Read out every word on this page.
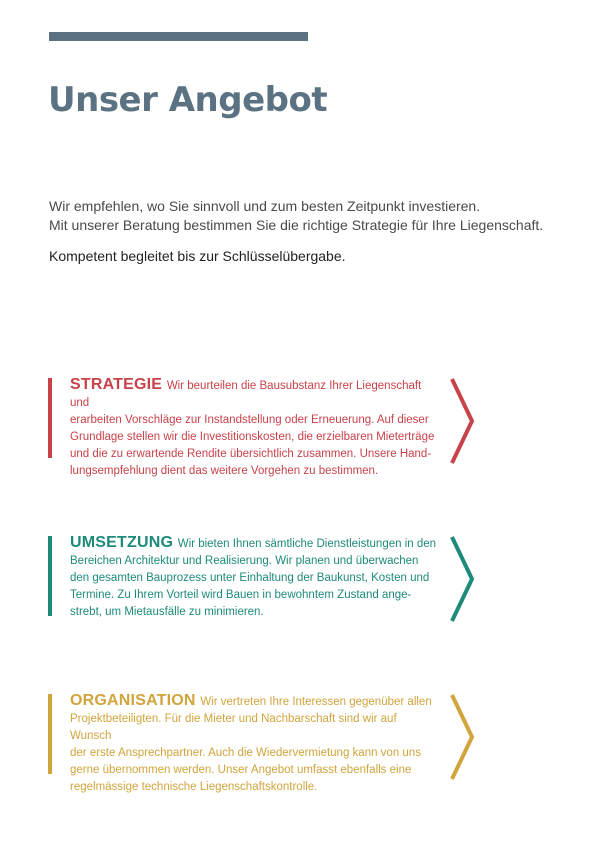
Unser Angebot

Wir empfehlen, wo Sie sinnvoll und zum besten Zeitpunkt investieren.

Mit unserer Beratung bestimmen Sie die richtige Strategie für Ihre Liegenschaft.

Kompetent begleitet bis zur Schlüsselübergabe.

STRATEGIE Wir beurteilen die Bausubstanz Ihrer Liegenschaft und
erarbeiten Vorschläge zur Instandstellung oder Erneuerung. Auf dieser
Grundlage stellen wir die Investitionskosten, die erzielbaren Mieterträge
und die zu erwartende Rendite übersichtlich zusammen. Unsere Hand-
lungsempfehlung dient das weitere Vorgehen zu bestimmen.
UMSETZUNG Wir bieten Ihnen sämtliche Dienstleistungen in den
Bereichen Architektur und Realisierung. Wir planen und überwachen
den gesamten Bauprozess unter Einhaltung der Baukunst, Kosten und
Termine. Zu Ihrem Vorteil wird Bauen in bewohntem Zustand ange-
strebt, um Mietausfälle zu minimieren.
ORGANISATION Wir vertreten Ihre Interessen gegenüber allen
Projektbeteiligten. Für die Mieter und Nachbarschaft sind wir auf Wunsch
der erste Ansprechpartner. Auch die Wiedervermietung kann von uns
gerne übernommen werden. Unser Angebot umfasst ebenfalls eine
regelmässige technische Liegenschaftskontrolle.
